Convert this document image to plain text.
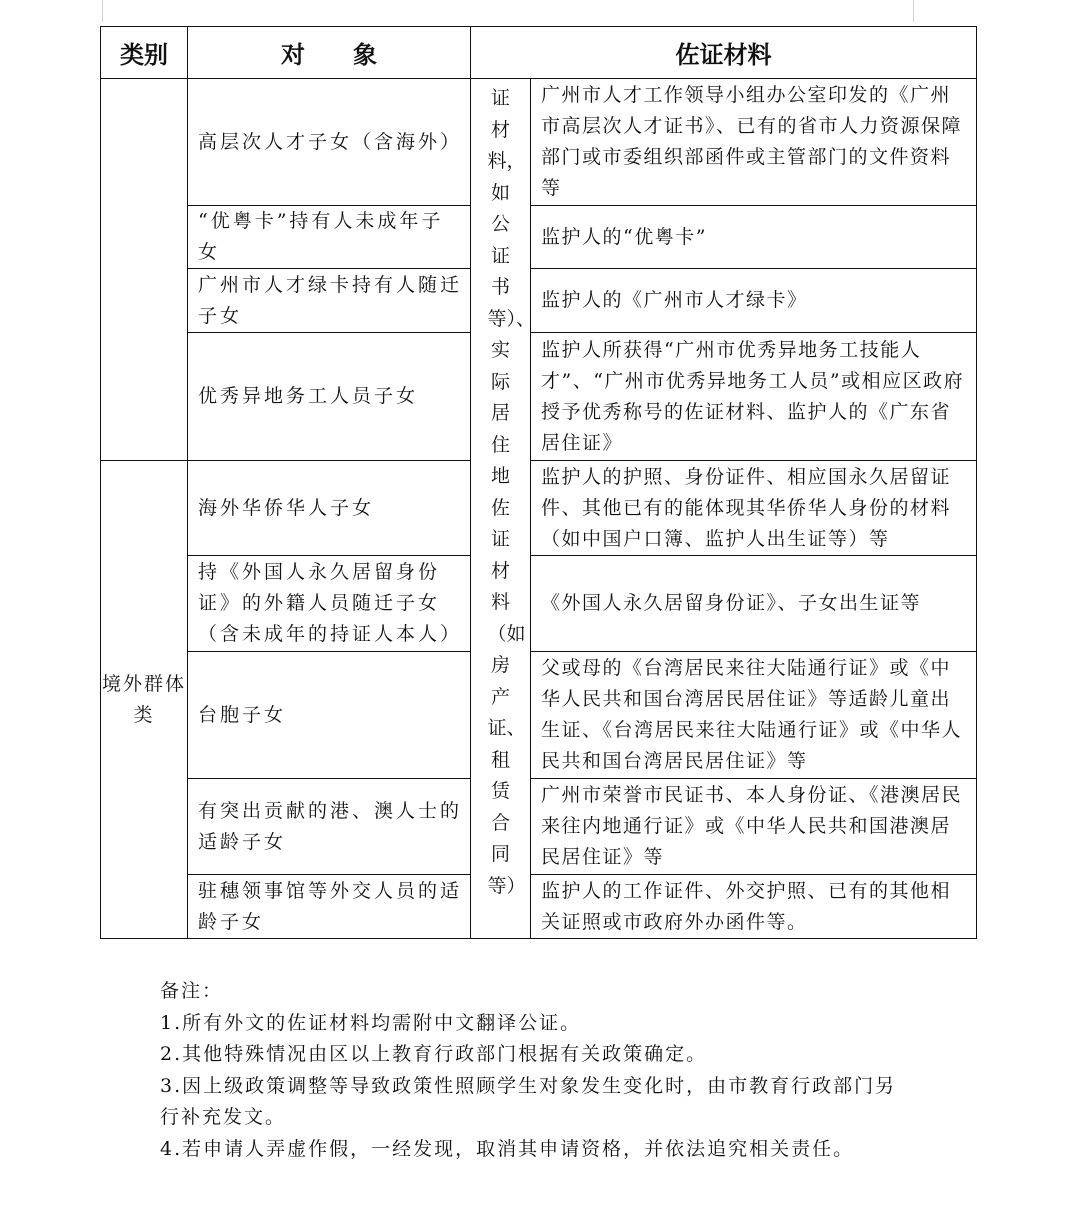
类别	对　　象	佐证材料	
	高层次人才子女（含海外）	证材料，如公证书等）、实际居住地佐证材料（如房产证、租赁合同等）	广州市人才工作领导小组办公室印发的《广州市高层次人才证书》、已有的省市人力资源保障部门或市委组织部函件或主管部门的文件资料等
	“优粤卡”持有人未成年子女		监护人的“优粤卡”
	广州市人才绿卡持有人随迁子女		监护人的《广州市人才绿卡》
	优秀异地务工人员子女		监护人所获得“广州市优秀异地务工技能人才”、“广州市优秀异地务工人员”或相应区政府授予优秀称号的佐证材料、监护人的《广东省居住证》
境外群体类	海外华侨华人子女		监护人的护照、身份证件、相应国永久居留证件、其他已有的能体现其华侨华人身份的材料（如中国户口簿、监护人出生证等）等
	持《外国人永久居留身份证》的外籍人员随迁子女（含未成年的持证人本人）		《外国人永久居留身份证》、子女出生证等
	台胞子女		父或母的《台湾居民来往大陆通行证》或《中华人民共和国台湾居民居住证》等适龄儿童出生证、《台湾居民来往大陆通行证》或《中华人民共和国台湾居民居住证》等
	有突出贡献的港、澳人士的适龄子女		广州市荣誉市民证书、本人身份证、《港澳居民来往内地通行证》或《中华人民共和国港澳居民居住证》等
	驻穗领事馆等外交人员的适龄子女		监护人的工作证件、外交护照、已有的其他相关证照或市政府外办函件等。
备注：
1.所有外文的佐证材料均需附中文翻译公证。
2.其他特殊情况由区以上教育行政部门根据有关政策确定。
3.因上级政策调整等导致政策性照顾学生对象发生变化时，由市教育行政部门另
行补充发文。
4.若申请人弄虚作假，一经发现，取消其申请资格，并依法追究相关责任。
